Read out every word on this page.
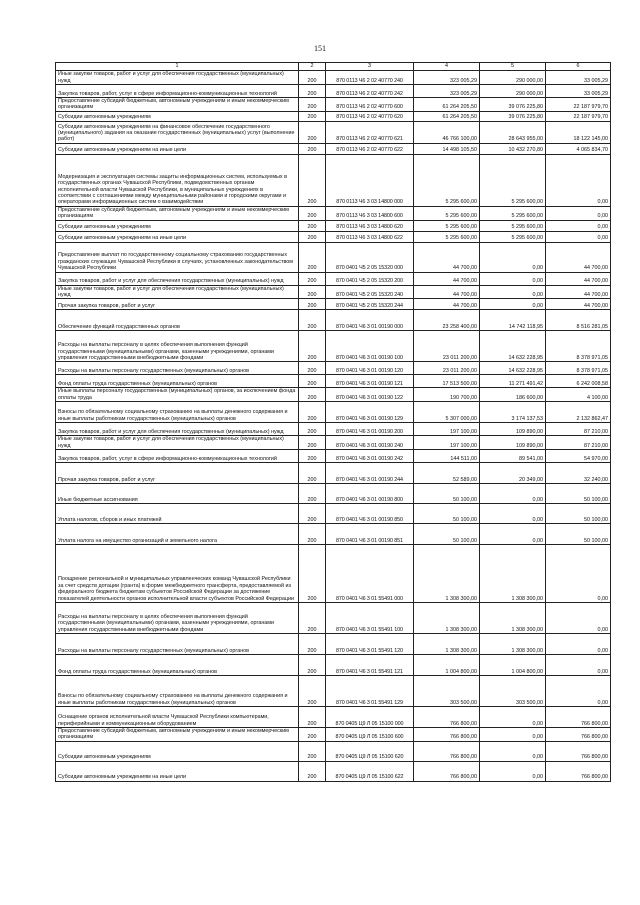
151
1	2	3	4	5	6
Иные закупки товаров, работ и услуг для обеспечения государственных (муниципальных) нужд	200	870 0113 Ч6 2 02 40770 240	323 005,29	290 000,00	33 005,29
Закупка товаров, работ, услуг в сфере информационно-коммуникационных технологий	200	870 0113 Ч6 2 02 40770 242	323 005,29	290 000,00	33 005,29
Предоставление субсидий бюджетным, автономным учреждениям и иным некоммерческим организациям	200	870 0113 Ч6 2 02 40770 600	61 264 205,50	39 076 225,80	22 187 979,70
Субсидии автономным учреждениям	200	870 0113 Ч6 2 02 40770 620	61 264 205,50	39 076 225,80	22 187 979,70
Субсидии автономным учреждениям на финансовое обеспечение государственного (муниципального) задания на оказание государственных (муниципальных) услуг (выполнение работ)	200	870 0113 Ч6 2 02 40770 621	46 766 100,00	28 643 955,00	18 122 145,00
Субсидии автономным учреждениям на иные цели	200	870 0113 Ч6 2 02 40770 622	14 498 105,50	10 432 270,80	4 065 834,70
Модернизация и эксплуатация системы защиты информационных систем, используемых в государственных органах Чувашской Республики, подведомственных органам исполнительной власти Чувашской Республики, в муниципальных учреждениях в соответствии с соглашениями между муниципальными районами и городскими округами и операторами информационных систем о взаимодействии	200	870 0113 Ч6 3 03 14800 000	5 295 600,00	5 295 600,00	0,00
Предоставление субсидий бюджетным, автономным учреждениям и иным некоммерческим организациям	200	870 0113 Ч6 3 03 14800 600	5 295 600,00	5 295 600,00	0,00
Субсидии автономным учреждениям	200	870 0113 Ч6 3 03 14800 620	5 295 600,00	5 295 600,00	0,00
Субсидии автономным учреждениям на иные цели	200	870 0113 Ч6 3 03 14800 622	5 295 600,00	5 295 600,00	0,00
Предоставление выплат по государственному социальному страхованию государственных гражданских служащих Чувашской Республики в случаях, установленных законодательством Чувашской Республики	200	870 0401 Ч5 2 05 15320 000	44 700,00	0,00	44 700,00
Закупка товаров, работ и услуг для обеспечения государственных (муниципальных) нужд	200	870 0401 Ч5 2 05 15320 200	44 700,00	0,00	44 700,00
Иные закупки товаров, работ и услуг для обеспечения государственных (муниципальных) нужд	200	870 0401 Ч5 2 05 15320 240	44 700,00	0,00	44 700,00
Прочая закупка товаров, работ и услуг	200	870 0401 Ч5 2 05 15320 244	44 700,00	0,00	44 700,00
Обеспечение функций государственных органов	200	870 0401 Ч6 3 01 00190 000	23 258 400,00	14 742 118,95	8 516 281,05
Расходы на выплаты персоналу в целях обеспечения выполнения функций государственными (муниципальными) органами, казенными учреждениями, органами управления государственными внебюджетными фондами	200	870 0401 Ч6 3 01 00190 100	23 011 200,00	14 632 228,95	8 378 971,05
Расходы на выплаты персоналу государственных (муниципальных) органов	200	870 0401 Ч6 3 01 00190 120	23 011 200,00	14 632 228,95	8 378 971,05
Фонд оплаты труда государственных (муниципальных) органов	200	870 0401 Ч6 3 01 00190 121	17 513 500,00	11 271 491,42	6 242 008,58
Иные выплаты персоналу государственных (муниципальных) органов, за исключением фонда оплаты труда	200	870 0401 Ч6 3 01 00190 122	190 700,00	186 600,00	4 100,00
Взносы по обязательному социальному страхованию на выплаты денежного содержания и иные выплаты работникам государственных (муниципальных) органов	200	870 0401 Ч6 3 01 00190 129	5 307 000,00	3 174 137,53	2 132 862,47
Закупка товаров, работ и услуг для обеспечения государственных (муниципальных) нужд	200	870 0401 Ч6 3 01 00190 200	197 100,00	109 890,00	87 210,00
Иные закупки товаров, работ и услуг для обеспечения государственных (муниципальных) нужд	200	870 0401 Ч6 3 01 00190 240	197 100,00	109 890,00	87 210,00
Закупка товаров, работ, услуг в сфере информационно-коммуникационных технологий	200	870 0401 Ч6 3 01 00190 242	144 511,00	89 541,00	54 970,00
Прочая закупка товаров, работ и услуг	200	870 0401 Ч6 3 01 00190 244	52 589,00	20 349,00	32 240,00
Иные бюджетные ассигнования	200	870 0401 Ч6 3 01 00190 800	50 100,00	0,00	50 100,00
Уплата налогов, сборов и иных платежей	200	870 0401 Ч6 3 01 00190 850	50 100,00	0,00	50 100,00
Уплата налога на имущество организаций и земельного налога	200	870 0401 Ч6 3 01 00190 851	50 100,00	0,00	50 100,00
Поощрение региональной и муниципальных управленческих команд Чувашской Республики за счет средств дотации (гранта) в форме межбюджетного трансферта, предоставляемой из федерального бюджета бюджетам субъектов Российской Федерации за достижение показателей деятельности органов исполнительной власти субъектов Российской Федерации	200	870 0401 Ч6 3 01 55491 000	1 308 300,00	1 308 300,00	0,00
Расходы на выплаты персоналу в целях обеспечения выполнения функций государственными (муниципальными) органами, казенными учреждениями, органами управления государственными внебюджетными фондами	200	870 0401 Ч6 3 01 55491 100	1 308 300,00	1 308 300,00	0,00
Расходы на выплаты персоналу государственных (муниципальных) органов	200	870 0401 Ч6 3 01 55491 120	1 308 300,00	1 308 300,00	0,00
Фонд оплаты труда государственных (муниципальных) органов	200	870 0401 Ч6 3 01 55491 121	1 004 800,00	1 004 800,00	0,00
Взносы по обязательному социальному страхованию на выплаты денежного содержания и иные выплаты работникам государственных (муниципальных) органов	200	870 0401 Ч6 3 01 55491 129	303 500,00	303 500,00	0,00
Оснащение органов исполнительной власти Чувашской Республики компьютерами, периферийными и коммуникационным оборудованием	200	870 0405 Ц9 Л 05 15100 000	766 800,00	0,00	766 800,00
Предоставление субсидий бюджетным, автономным учреждениям и иным некоммерческим организациям	200	870 0405 Ц9 Л 05 15100 600	766 800,00	0,00	766 800,00
Субсидии автономным учреждениям	200	870 0405 Ц9 Л 05 15100 620	766 800,00	0,00	766 800,00
Субсидии автономным учреждениям на иные цели	200	870 0405 Ц9 Л 05 15100 622	766 800,00	0,00	766 800,00
